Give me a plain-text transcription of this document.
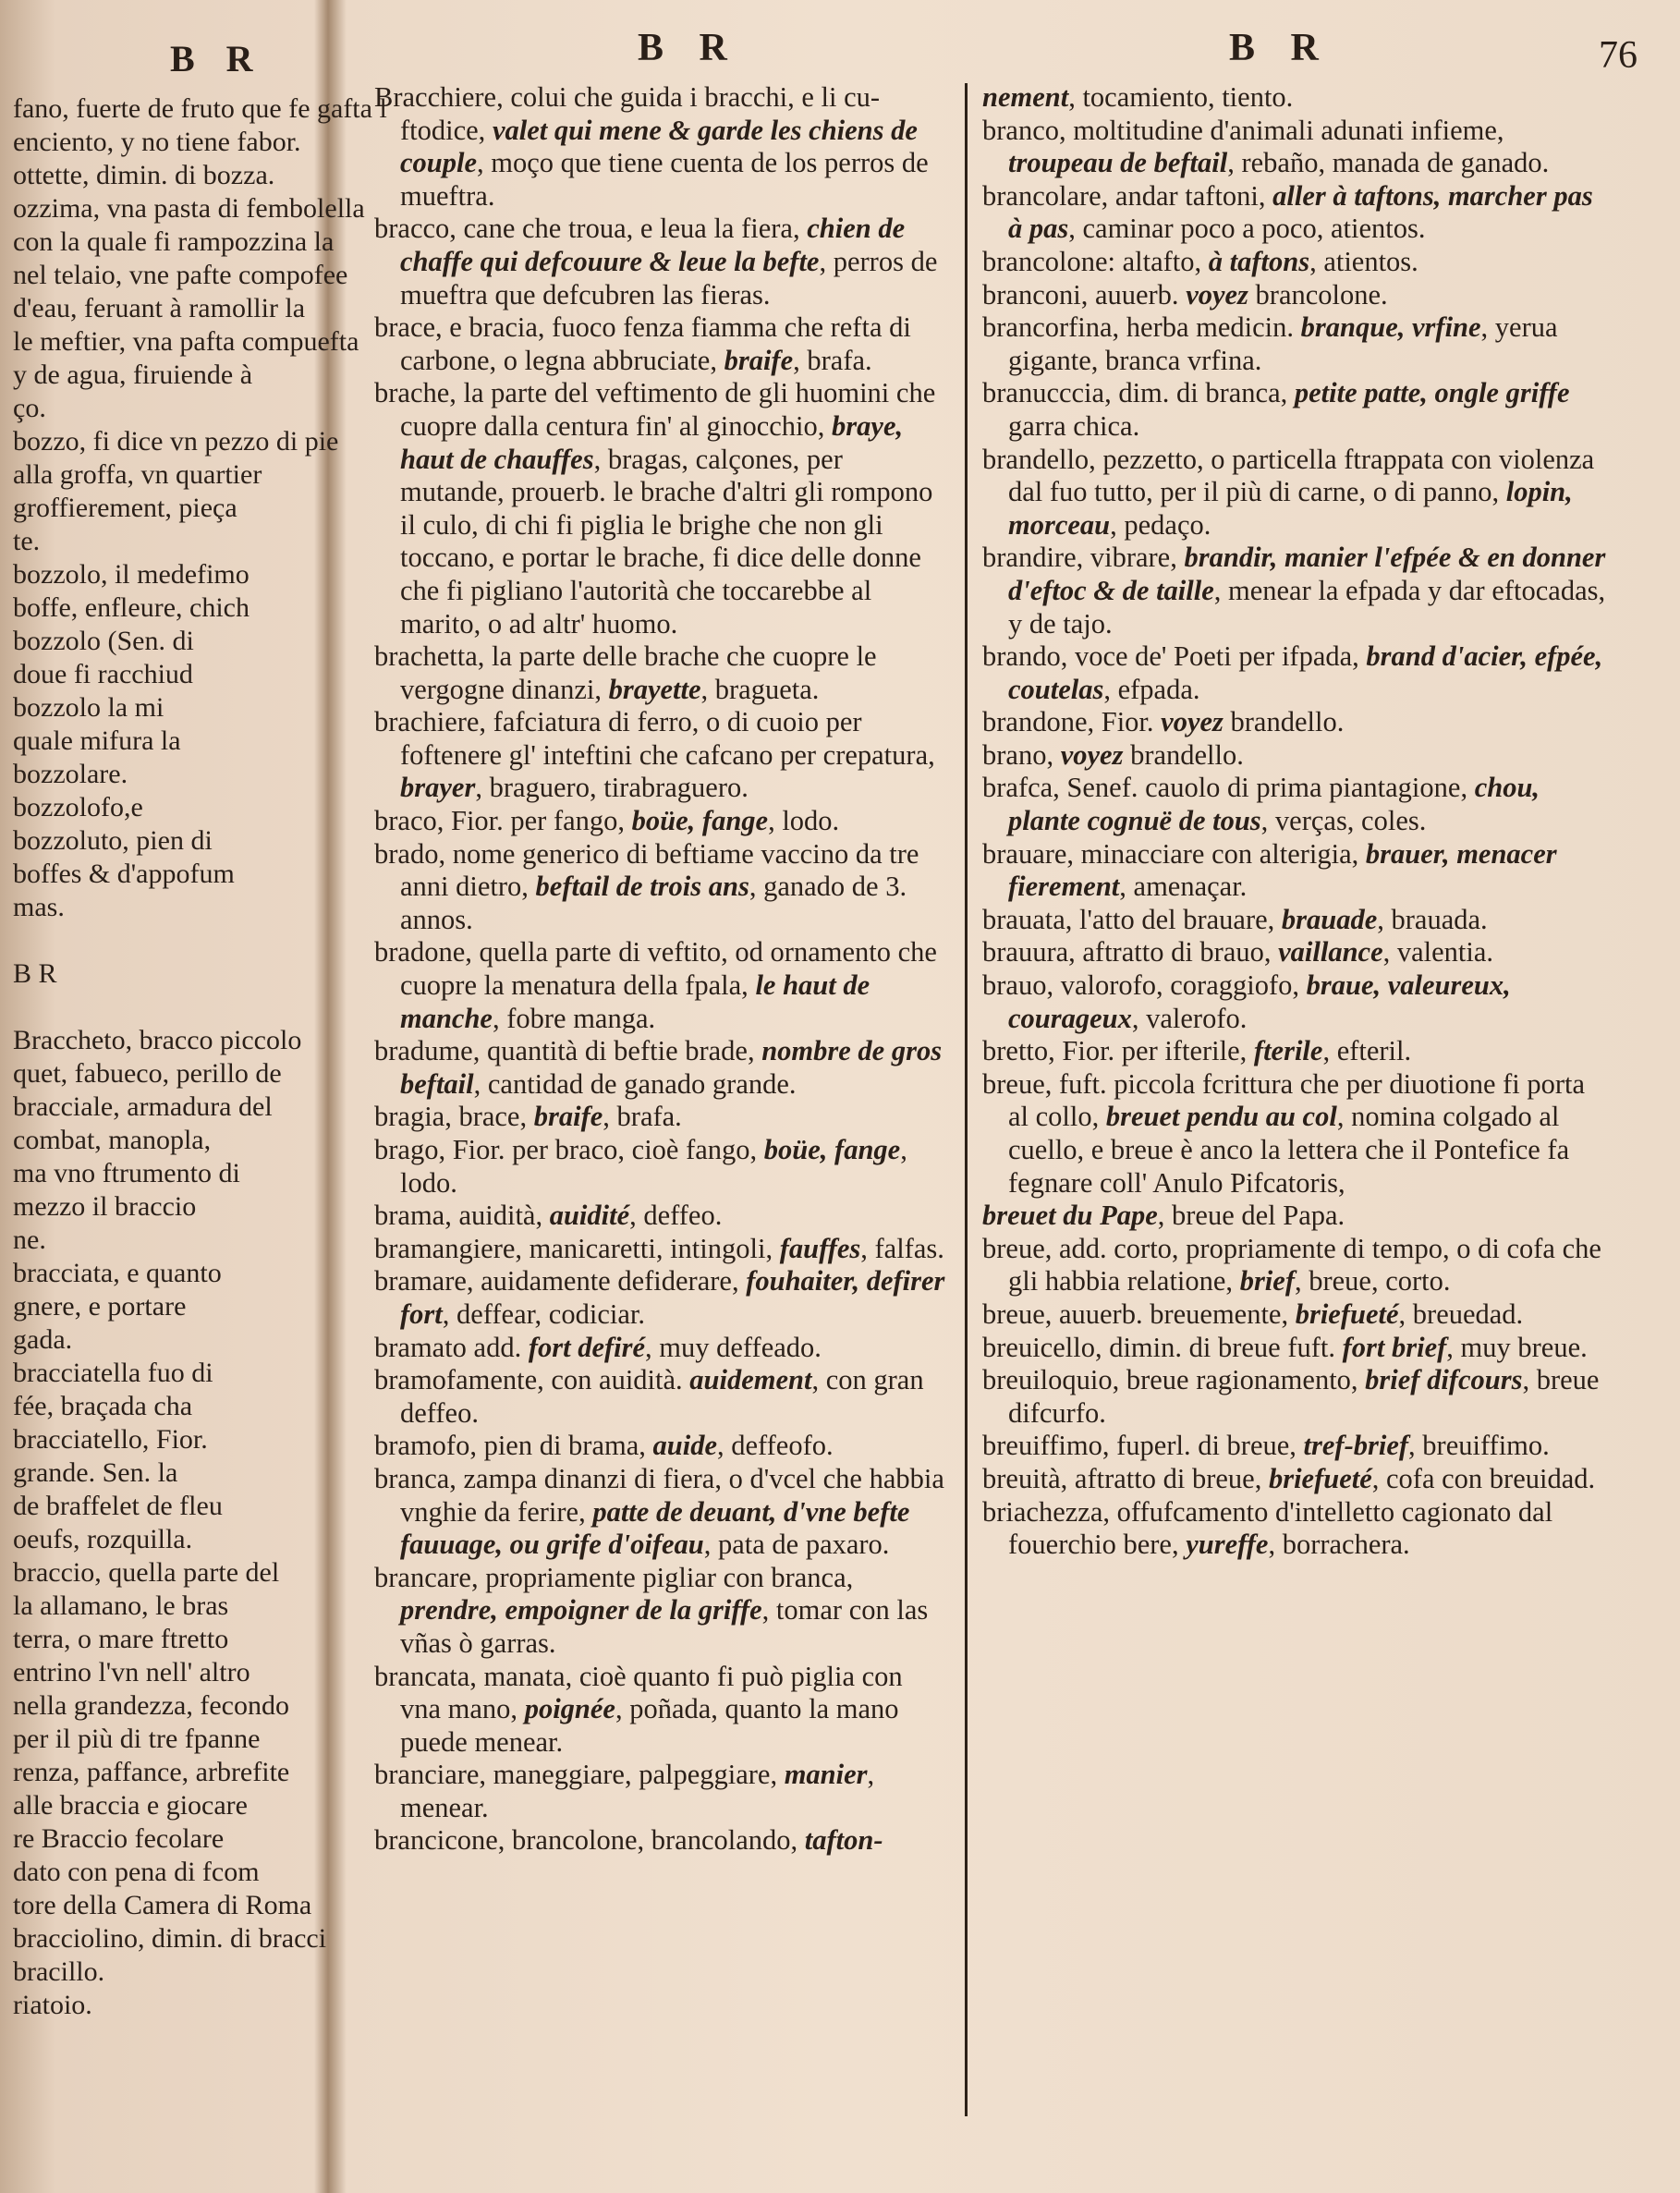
B R
fano, fuerte de fruto que fe gafta l
enciento, y no tiene fabor.
ottette, dimin. di bozza.
ozzima, vna pasta di fembolella
con la quale fi rampozzina la
nel telaio, vne pafte compofee
d'eau, feruant à ramollir la
le meftier, vna pafta compuefta
y de agua, firuiende à
ço.
bozzo, fi dice vn pezzo di pie
alla groffa, vn quartier
groffierement, pieça
te.
bozzolo, il medefimo
boffe, enfleure, chich
bozzolo (Sen. di
doue fi racchiud
bozzolo la mi
quale mifura la
bozzolare.
bozzolofo,e
bozzoluto, pien di
boffes & d'appofum
mas.
B R
Braccheto, bracco piccolo
quet, fabueco, perillo de
bracciale, armadura del
combat, manopla,
ma vno ftrumento di
mezzo il braccio
ne.
bracciata, e quanto
gnere, e portare
gada.
bracciatella fuo di
fée, braçada cha
bracciatello, Fior.
grande. Sen. la
de braffelet de fleu
oeufs, rozquilla.
braccio, quella parte del
la allamano, le bras
terra, o mare ftretto
entrino l'vn nell' altro
nella grandezza, fecondo
per il più di tre fpanne
renza, paffance, arbrefite
alle braccia e giocare
re Braccio fecolare
dato con pena di fcom
tore della Camera di Roma
bracciolino, dimin. di bracci
bracillo.
riatoio.
B R	B R	76

Bracchiere, colui che guida i bracchi, e li cu-ftodice, valet qui mene & garde les chiens de couple, moço que tiene cuenta de los perros de mueftra.

bracco, cane che troua, e leua la fiera, chien de chaffe qui defcouure & leue la befte, perros de mueftra que defcubren las fieras.

brace, e bracia, fuoco fenza fiamma che refta di carbone, o legna abbruciate, braife, brafa.

brache, la parte del veftimento de gli huomini che cuopre dalla centura fin' al ginocchio, braye, haut de chauffes, bragas, calçones, per mutande, prouerb. le brache d'altri gli rompono il culo, di chi fi piglia le brighe che non gli toccano, e portar le brache, fi dice delle donne che fi pigliano l'autorità che toccarebbe al marito, o ad altr' huomo.

brachetta, la parte delle brache che cuopre le vergogne dinanzi, brayette, bragueta.

brachiere, fafciatura di ferro, o di cuoio per foftenere gl' inteftini che cafcano per crepatura, brayer, braguero, tirabraguero.

braco, Fior. per fango, boüe, fange, lodo.

brado, nome generico di beftiame vaccino da tre anni dietro, beftail de trois ans, ganado de 3. annos.

bradone, quella parte di veftito, od ornamento che cuopre la menatura della fpala, le haut de manche, fobre manga.

bradume, quantità di beftie brade, nombre de gros beftail, cantidad de ganado grande.

bragia, brace, braife, brafa.

brago, Fior. per braco, cioè fango, boüe, fange, lodo.

brama, auidità, auidité, deffeo.

bramangiere, manicaretti, intingoli, fauffes, falfas.

bramare, auidamente defiderare, fouhaiter, defirer fort, deffear, codiciar.

bramato add. fort defiré, muy deffeado.

bramofamente, con auidità. auidement, con gran deffeo.

bramofo, pien di brama, auide, deffeofo.

branca, zampa dinanzi di fiera, o d'vcel che habbia vnghie da ferire, patte de deuant, d'vne befte fauuage, ou grife d'oifeau, pata de paxaro.

brancare, propriamente pigliar con branca, prendre, empoigner de la griffe, tomar con las vñas ò garras.

brancata, manata, cioè quanto fi può piglia con vna mano, poignée, poñada, quanto la mano puede menear.

branciare, maneggiare, palpeggiare, manier, menear.

brancicone, brancolone, brancolando, tafton-

nement, tocamiento, tiento.

branco, moltitudine d'animali adunati infieme, troupeau de beftail, rebaño, manada de ganado.

brancolare, andar taftoni, aller à taftons, marcher pas à pas, caminar poco a poco, atientos.

brancolone: altafto, à taftons, atientos.

branconi, auuerb. voyez brancolone.

brancorfina, herba medicin. branque, vrfine, yerua gigante, branca vrfina.

branucccia, dim. di branca, petite patte, ongle griffe garra chica.

brandello, pezzetto, o particella ftrappata con violenza dal fuo tutto, per il più di carne, o di panno, lopin, morceau, pedaço.

brandire, vibrare, brandir, manier l'efpée & en donner d'eftoc & de taille, menear la efpada y dar eftocadas, y de tajo.

brando, voce de' Poeti per ifpada, brand d'acier, efpée, coutelas, efpada.

brandone, Fior. voyez brandello.

brano, voyez brandello.

brafca, Senef. cauolo di prima piantagione, chou, plante cognuë de tous, verças, coles.

brauare, minacciare con alterigia, brauer, menacer fierement, amenaçar.

brauata, l'atto del brauare, brauade, brauada.

brauura, aftratto di brauo, vaillance, valentia.

brauo, valorofo, coraggiofo, braue, valeureux, courageux, valerofo.

bretto, Fior. per ifterile, fterile, efteril.

breue, fuft. piccola fcrittura che per diuotione fi porta al collo, breuet pendu au col, nomina colgado al cuello, e breue è anco la lettera che il Pontefice fa fegnare coll' Anulo Pifcatoris,

breuet du Pape, breue del Papa.

breue, add. corto, propriamente di tempo, o di cofa che gli habbia relatione, brief, breue, corto.

breue, auuerb. breuemente, briefueté, breuedad.

breuicello, dimin. di breue fuft. fort brief, muy breue.

breuiloquio, breue ragionamento, brief difcours, breue difcurfo.

breuiffimo, fuperl. di breue, tref-brief, breuiffimo.

breuità, aftratto di breue, briefueté, cofa con breuidad.

briachezza, offufcamento d'intelletto cagionato dal fouerchio bere, yureffe, borrachera.
